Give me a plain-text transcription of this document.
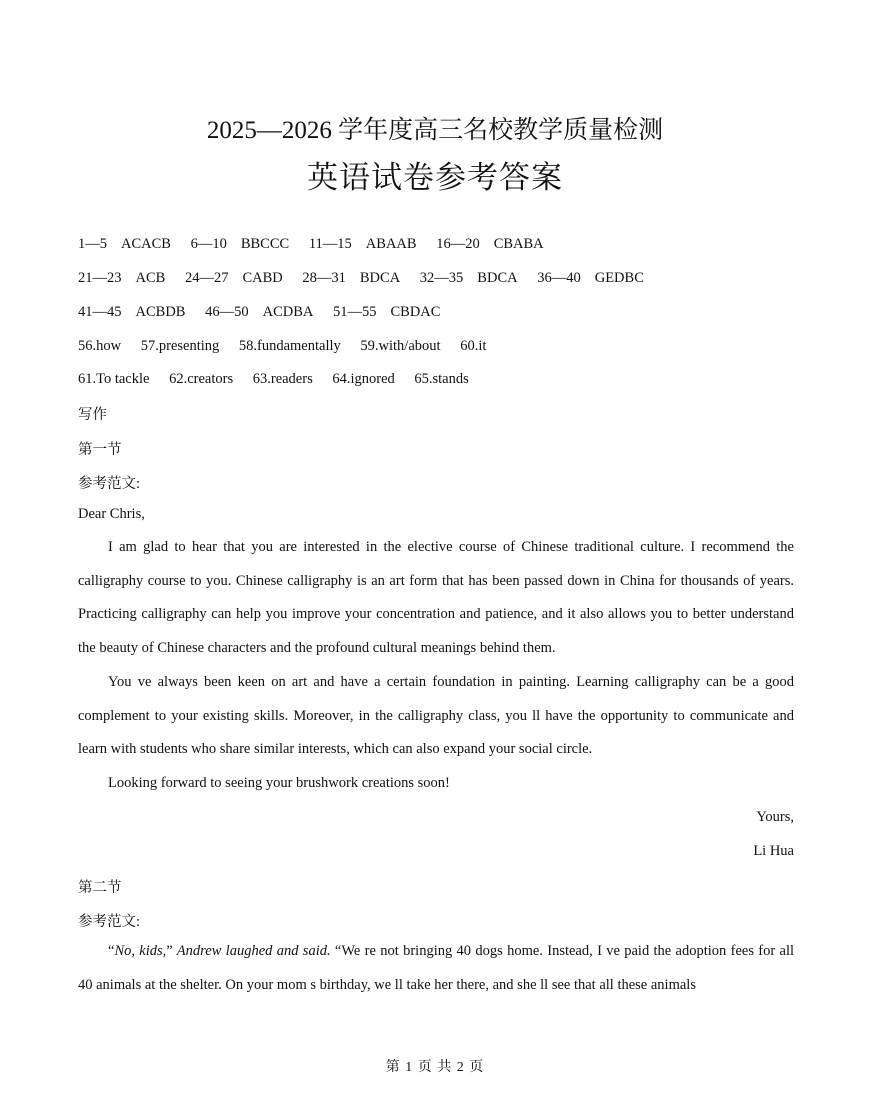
2025—2026 学年度高三名校教学质量检测
英语试卷参考答案
1—5 ACACB 6—10 BBCCC 11—15 ABAAB 16—20 CBABA
21—23 ACB 24—27 CABD 28—31 BDCA 32—35 BDCA 36—40 GEDBC
41—45 ACBDB 46—50 ACDBA 51—55 CBDAC
56.how 57.presenting 58.fundamentally 59.with/about 60.it
61.To tackle 62.creators 63.readers 64.ignored 65.stands
写作
第一节
参考范文:
Dear Chris,
I am glad to hear that you are interested in the elective course of Chinese traditional culture. I recommend the calligraphy course to you. Chinese calligraphy is an art form that has been passed down in China for thousands of years. Practicing calligraphy can help you improve your concentration and patience, and it also allows you to better understand the beauty of Chinese characters and the profound cultural meanings behind them.
You ve always been keen on art and have a certain foundation in painting. Learning calligraphy can be a good complement to your existing skills. Moreover, in the calligraphy class, you ll have the opportunity to communicate and learn with students who share similar interests, which can also expand your social circle.
Looking forward to seeing your brushwork creations soon!
Yours,
Li Hua
第二节
参考范文:
“No, kids,” Andrew laughed and said. “We re not bringing 40 dogs home. Instead, I ve paid the adoption fees for all 40 animals at the shelter. On your mom s birthday, we ll take her there, and she ll see that all these animals
第 1 页 共 2 页
